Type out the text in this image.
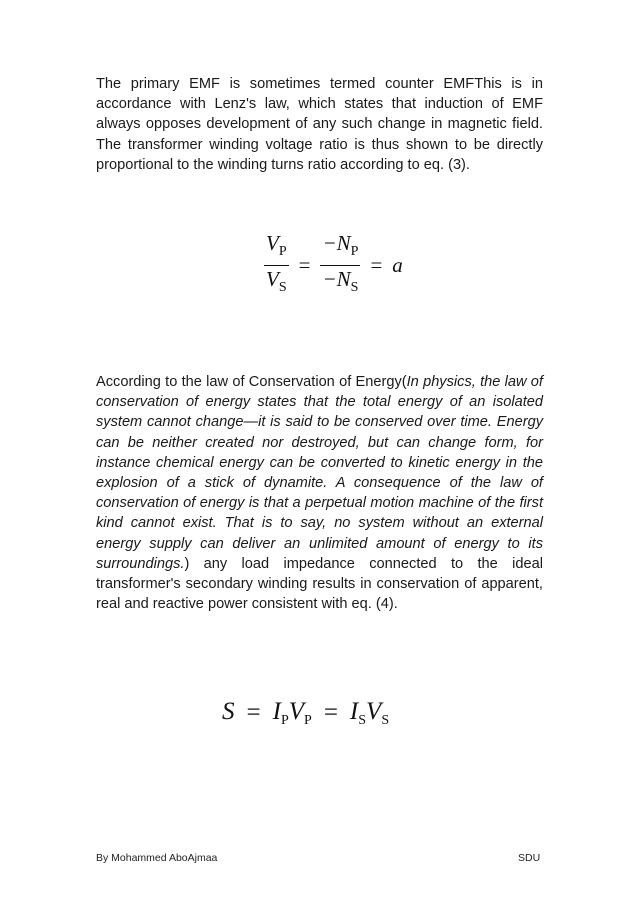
The primary EMF is sometimes termed counter EMFThis is in accordance with Lenz's law, which states that induction of EMF always opposes development of any such change in magnetic field. The transformer winding voltage ratio is thus shown to be directly proportional to the winding turns ratio according to eq. (3).
$\frac{V_P}{V_S} = \frac{-N_P}{-N_S} = a$
According to the law of Conservation of Energy(In physics, the law of conservation of energy states that the total energy of an isolated system cannot change—it is said to be conserved over time. Energy can be neither created nor destroyed, but can change form, for instance chemical energy can be converted to kinetic energy in the explosion of a stick of dynamite. A consequence of the law of conservation of energy is that a perpetual motion machine of the first kind cannot exist. That is to say, no system without an external energy supply can deliver an unlimited amount of energy to its surroundings.) any load impedance connected to the ideal transformer's secondary winding results in conservation of apparent, real and reactive power consistent with eq. (4).
$S = I_PV_P = I_SV_S$
By Mohammed AboAjmaa	SDU
